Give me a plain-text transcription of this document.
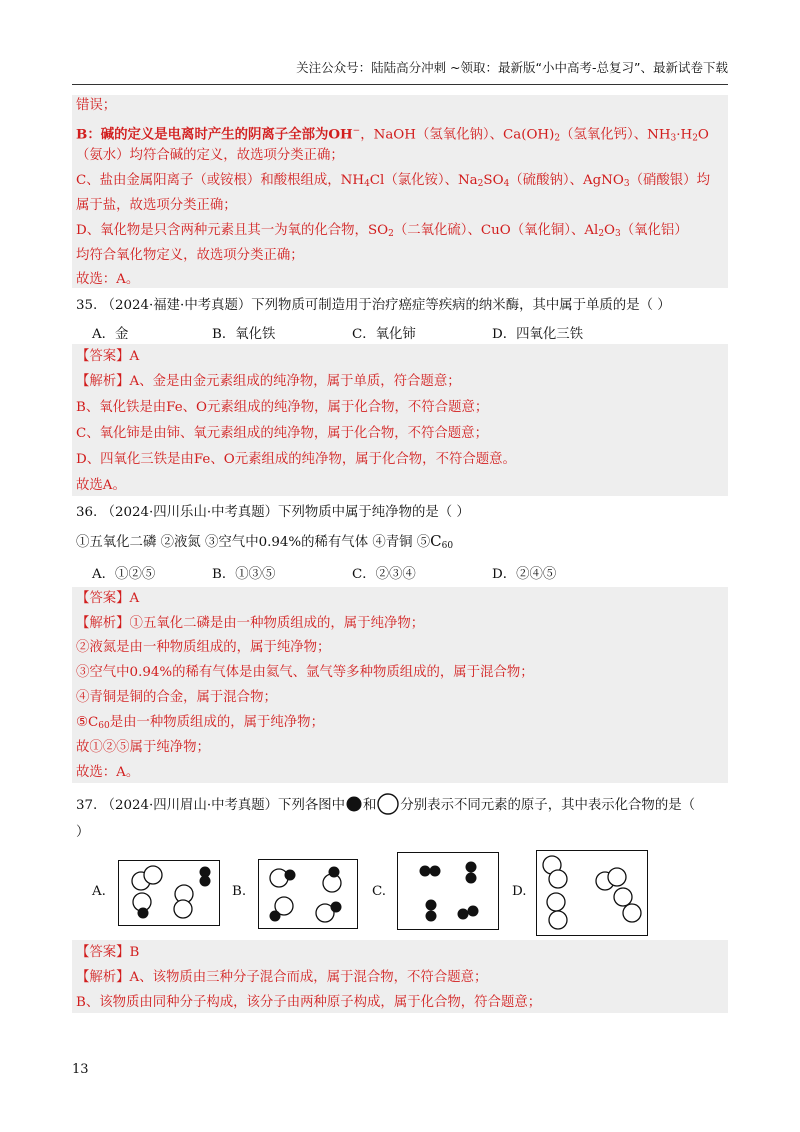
关注公众号：陆陆高分冲刺 ~领取：最新版“小中高考-总复习”、最新试卷下载
错误；
B：碱的定义是电离时产生的阴离子全部为OH−，NaOH（氢氧化钠）、$Ca(OH)_2$（氢氧化钙）、$NH_3\cdot H_2O$
（氨水）均符合碱的定义，故选项分类正确；
C、盐由金属阳离子（或铵根）和酸根组成，$NH_4Cl$（氯化铵）、$Na_2SO_4$（硫酸钠）、AgNO$_3$（硝酸银）均
属于盐，故选项分类正确；
D、氧化物是只含两种元素且其一为氧的化合物，$SO_2$（二氧化硫）、CuO（氧化铜）、$Al_2O_3$（氧化铝）
均符合氧化物定义，故选项分类正确；
故选：A。
35. （2024·福建·中考真题）下列物质可制造用于治疗癌症等疾病的纳米酶，其中属于单质的是（ ）
A．金	B．氧化铁	C．氧化铈	D．四氧化三铁
【答案】A
【解析】A、金是由金元素组成的纯净物，属于单质，符合题意；
B、氧化铁是由Fe、O元素组成的纯净物，属于化合物，不符合题意；
C、氧化铈是由铈、氧元素组成的纯净物，属于化合物，不符合题意；
D、四氧化三铁是由Fe、O元素组成的纯净物，属于化合物，不符合题意。
故选A。
36. （2024·四川乐山·中考真题）下列物质中属于纯净物的是（ ）
①五氧化二磷 ②液氮 ③空气中0.94%的稀有气体 ④青铜 $⑤C_{60}$
A．①②⑤	B．①③⑤	C．②③④	D．②④⑤
【答案】A
【解析】①五氧化二磷是由一种物质组成的，属于纯净物；
②液氮是由一种物质组成的，属于纯净物；
③空气中0.94%的稀有气体是由氦气、氩气等多种物质组成的，属于混合物；
④青铜是铜的合金，属于混合物；
$⑤C_{60}$是由一种物质组成的，属于纯净物；
故①②⑤属于纯净物；
故选：A。
37. （2024·四川眉山·中考真题）下列各图中 和 分别表示不同元素的原子，其中表示化合物的是（
）
A.	B.	C.	D.
【答案】B
【解析】A、该物质由三种分子混合而成，属于混合物，不符合题意；
B、该物质由同种分子构成，该分子由两种原子构成，属于化合物，符合题意；
13
